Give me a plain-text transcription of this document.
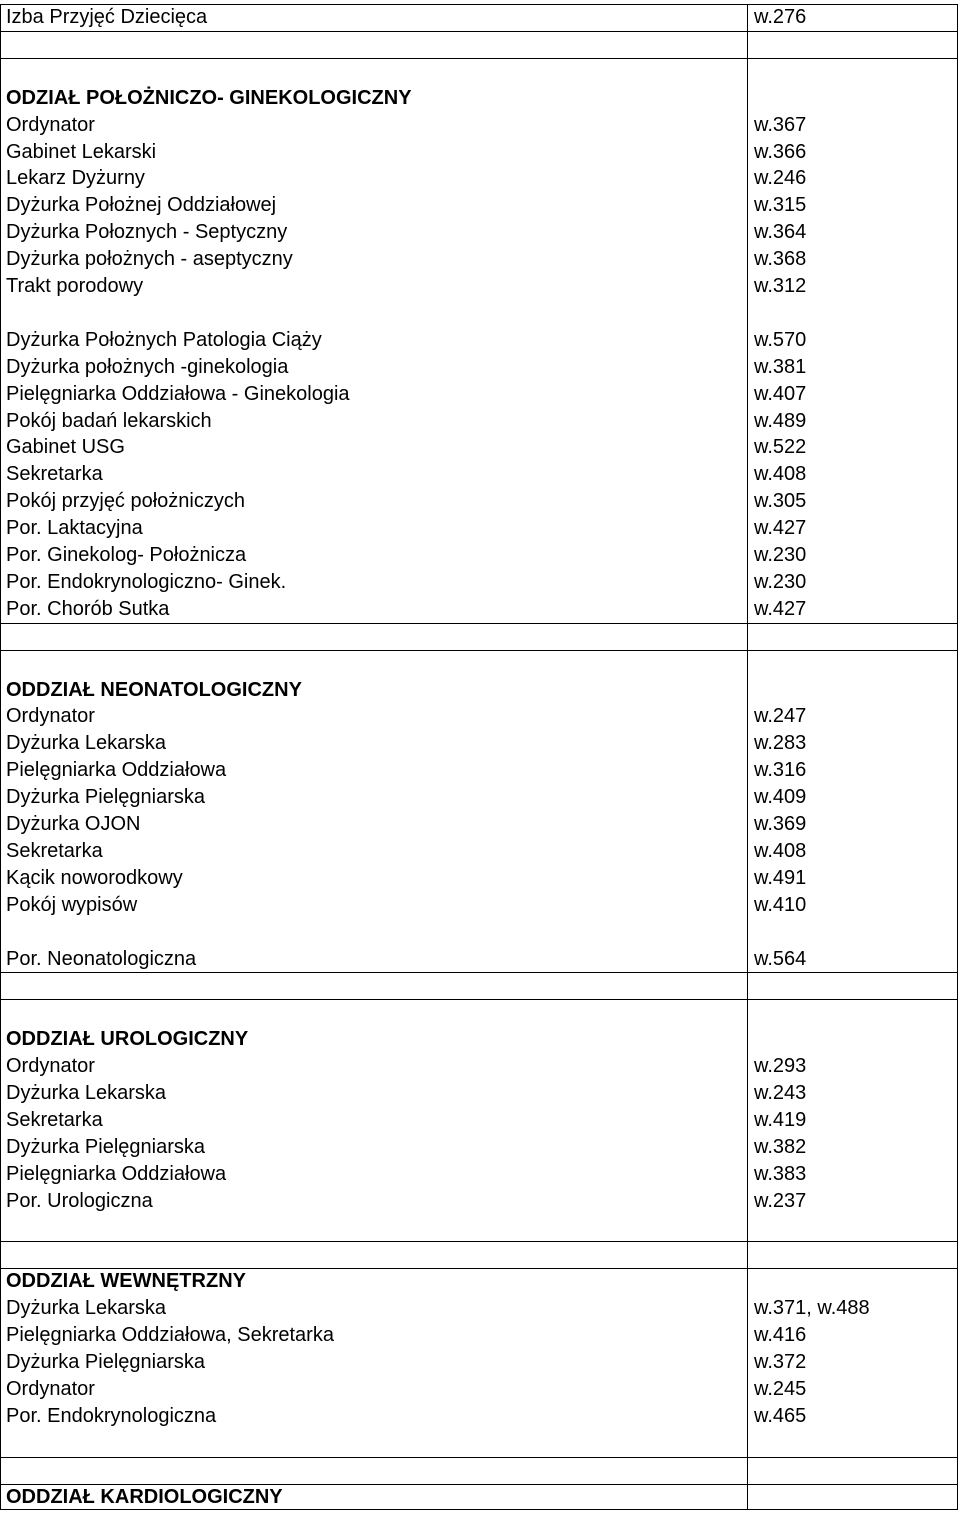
Izba Przyjęć Dziecięca	w.276
ODZIAŁ POŁOŻNICZO- GINEKOLOGICZNY
Ordynator	w.367
Gabinet Lekarski	w.366
Lekarz Dyżurny	w.246
Dyżurka Położnej Oddziałowej	w.315
Dyżurka Połoznych - Septyczny	w.364
Dyżurka położnych - aseptyczny	w.368
Trakt porodowy	w.312
Dyżurka Położnych Patologia Ciąży	w.570
Dyżurka położnych -ginekologia	w.381
Pielęgniarka Oddziałowa - Ginekologia	w.407
Pokój badań lekarskich	w.489
Gabinet USG	w.522
Sekretarka	w.408
Pokój przyjęć położniczych	w.305
Por. Laktacyjna	w.427
Por. Ginekolog- Położnicza	w.230
Por. Endokrynologiczno- Ginek.	w.230
Por. Chorób Sutka	w.427
ODDZIAŁ NEONATOLOGICZNY
Ordynator	w.247
Dyżurka Lekarska	w.283
Pielęgniarka Oddziałowa	w.316
Dyżurka Pielęgniarska	w.409
Dyżurka OJON	w.369
Sekretarka	w.408
Kącik noworodkowy	w.491
Pokój wypisów	w.410
Por. Neonatologiczna	w.564
ODDZIAŁ UROLOGICZNY
Ordynator	w.293
Dyżurka Lekarska	w.243
Sekretarka	w.419
Dyżurka Pielęgniarska	w.382
Pielęgniarka Oddziałowa	w.383
Por. Urologiczna	w.237
ODDZIAŁ WEWNĘTRZNY
Dyżurka Lekarska	w.371, w.488
Pielęgniarka Oddziałowa, Sekretarka	w.416
Dyżurka Pielęgniarska	w.372
Ordynator	w.245
Por. Endokrynologiczna	w.465
ODDZIAŁ KARDIOLOGICZNY
